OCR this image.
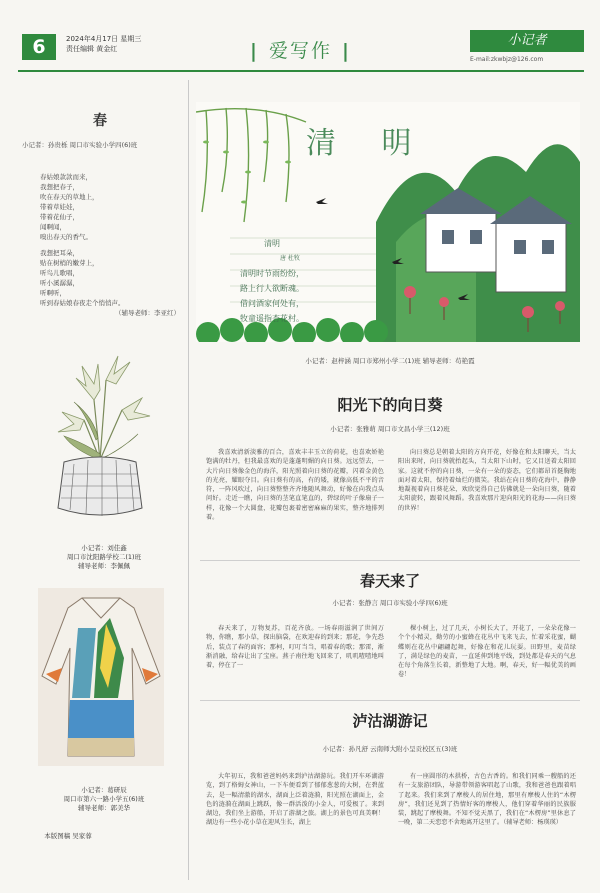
6	2024年4月17日 星期三
责任编辑 黄金红	| 爱写作 |	小记者
E-mail:zkwbjz@126.com
春
小记者：孙贵栎 周口市实验小学四(6)班
春姑娘款款而来，
我想把春子，
吹在春天的草地上，
带着草娃娃，
带着花仙子，
闻啊闻，
嗅出春天的香气。
我想把耳朵，
贴在树梢的嫩芽上，
听鸟儿歌唱，
听小溪潺潺，
听啊听，
听到春姑娘春夜走个悄悄声。
（辅导老师：李亚红）
小记者：刘佳鑫
周口市沈阳路学校二(1)班
辅导老师：李佩佩
小记者：葛研辰
周口市第六一路小学五(6)班
辅导老师：郭美华
本版图稿 吴家蓉
清 明
清明
唐 杜牧
清明时节雨纷纷，
路上行人欲断魂。
借问酒家何处有，
牧童遥指杏花村。
小记者：赵梓涵 周口市郑州小学二(1)班 辅导老师：苟艳霞
阳光下的向日葵
小记者：张雅萌 周口市文昌小学三(12)班
我喜欢清新淡雅的百合，喜欢丰丰玉立的荷花，也喜欢娇艳饱满的牡丹，但我最喜欢的是蓬蓬明媚的向日葵。远远望去，一大片向日葵像金色的海洋，阳光照着向日葵的花瓣，闪着金黄色的光亮，耀眼夺目。向日葵有的高，有的矮，就像高低不平的音符，一阵风吹过，向日葵整整齐齐地随风舞动，好像在向我点头问好。走近一瞧，向日葵的茎笔直笔直的，碧绿的叶子像扇子一样，花像一个大圆盘，花瓣包裹着密密麻麻的果实，整齐地排列着。
向日葵总是朝着太阳的方向开花，好像在和太阳聊天，当太阳出来时，向日葵就抬起头，当太阳下山时，它又目送着太阳回家。这就不停的向日葵，一朵有一朵的姿态，它们都昂首挺胸地面对着太阳，保持着灿烂的微笑。我站在向日葵的花海中，静静地凝视着向日葵花朵，欢欣觉得自己仿佛就是一朵向日葵，随着太阳旋转，跟着风舞蹈。我喜欢那片迎向阳光的花海——向日葵的世界！
春天来了
小记者：张静言 周口市实验小学四(6)班
春天来了，万物复苏，百花齐放。一场春雨滋润了世间万物，你瞧，那小草，探出脑袋，在欢迎春的到来；那花，争先恐后，装点了春的面容；那柯，叮叮当当，唱着春的歌；那雷，渐渐消融，给春让出了宝座。燕子南往地飞回来了，叽叽喳喳地叫着，停在了一
棵小树上，过了几天，小树长大了，开花了，一朵朵花像一个个小精灵，勤劳的小蜜蜂在花丛中飞来飞去，忙着采花蜜，蝴蝶则在花丛中翩翩起舞，好像在和花儿玩耍。田野里，麦苗绿了，满是绿色的麦苗，一直延伸到地平线，到处都是春天的气息在每个角落生长着，新整地了大地。啊，春天，好一幅优美的画卷！
泸沽湖游记
小记者：孙凡舒 云南师大附小呈贡校区五(3)班
大年初五，我和爸爸妈妈来到泸沽湖游玩。我们开车环湖游览，到了格姆女神山，一下车便看到了郁郁葱葱的大树，在碧蓝去，是一幅清澈的湖水，湖面上泛着涟漪，阳光照在湖面上，金色的涟漪在湖面上跳跃，像一群活泼的小金人，可爱极了。来到湖边，我们坐上游船，开启了游湖之旅。湖上的景色可真美啊！湖边有一些小花小草在迎风生长，湖上
有一座圆形的木拱桥，古色古香的。和我们同乘一艘船的还有一支旅游团队，导游带领游客唱起了山歌，我和爸爸也跟着唱了起来。我们来到了摩梭人的居住地，那里有摩梭人住的“木楞房”，我们还见到了热情好客的摩梭人，他们穿着华丽的民族服装，跳起了摩梭舞。不知不觉天黑了，我们在“木楞房”里休息了一晚，第二天恋恋不舍地离开这里了。（辅导老师：杨瑛瑛）
